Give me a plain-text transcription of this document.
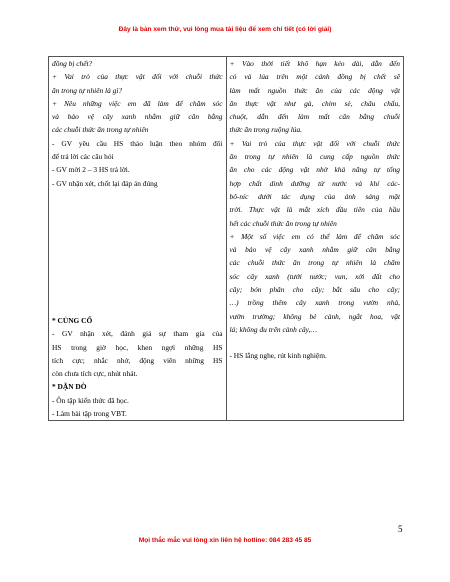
Đây là bản xem thử, vui lòng mua tài liệu để xem chi tiết (có lời giải)
đồng bị chết?
+ Vai trò của thực vật đối với chuỗi thức
ăn trong tự nhiên là gì?
+ Nêu những việc em đã làm để chăm sóc
và bảo vệ cây xanh nhằm giữ cân bằng
các chuỗi thức ăn trong tự nhiên
- GV yêu cầu HS thảo luận theo nhóm đôi
để trả lời các câu hỏi
- GV mời 2 – 3 HS trả lời.
- GV nhận xét, chốt lại đáp án đúng
* CỦNG CỐ
- GV nhận xét, đánh giá sự tham gia của
HS trong giờ học, khen ngợi những HS
tích cực; nhắc nhở, động viên những HS
còn chưa tích cực, nhút nhát.
* DẶN DÒ
- Ôn tập kiến thức đã học.
- Làm bài tập trong VBT.

+ Vào thời tiết khô hạn kéo dài, dẫn đến
cỏ và lúa trên một cánh đồng bị chết sẽ
làm mất nguồn thức ăn của các động vật
ăn thực vật như gà, chim sẻ, châu chấu,
chuột, dẫn đến làm mất cân bằng chuỗi
thức ăn trong ruộng lúa.
+ Vai trò của thực vật đối với chuỗi thức
ăn trong tự nhiên là cung cấp nguồn thức
ăn cho các động vật nhờ khả năng tự tổng
hợp chất dinh dưỡng từ nước và khí các-
bô-níc dưới tác dụng của ánh sáng mặt
trời. Thực vật là mắt xích đầu tiên của hầu
hết các chuỗi thức ăn trong tự nhiên
+ Một số việc em có thể làm để chăm sóc
và bảo vệ cây xanh nhằm giữ cân bằng
các chuỗi thức ăn trong tự nhiên là chăm
sóc cây xanh (tưới nước; vun, xới đất cho
cây; bón phân cho cây; bắt sâu cho cây;
…) trồng thêm cây xanh trong vườn nhà,
vườn trường; không bẻ cành, ngắt hoa, vặt
lá; không đu trên cành cây,…
- HS lắng nghe, rút kinh nghiệm.
5
Mọi thắc mắc vui lòng xin liên hệ hotline: 084 283 45 85
